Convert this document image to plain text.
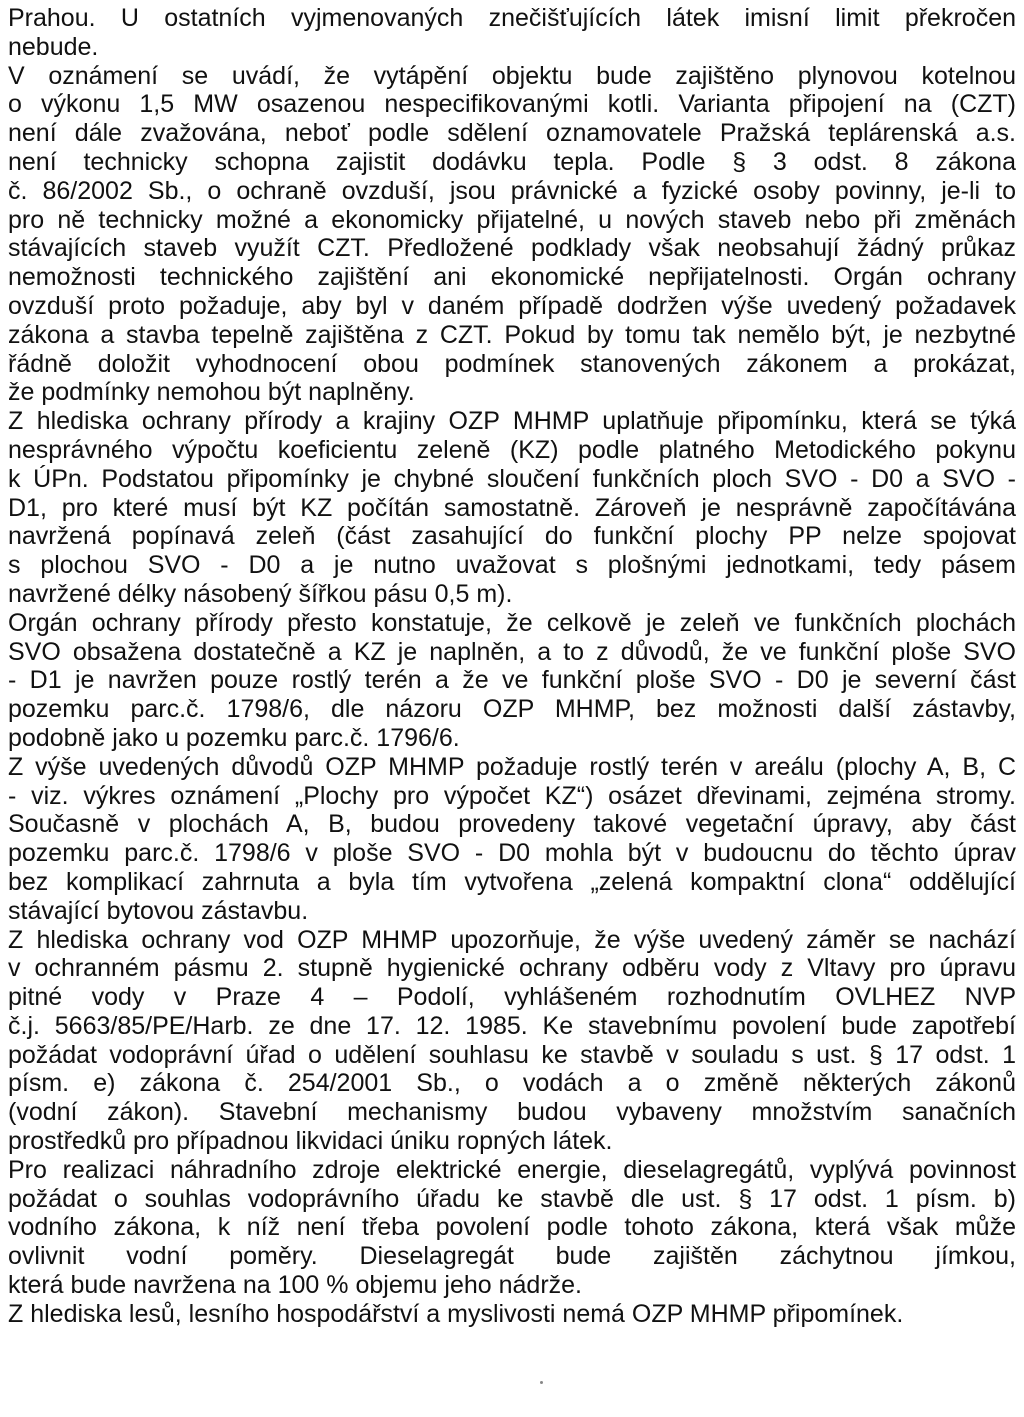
Prahou. U ostatních vyjmenovaných znečišťujících látek imisní limit překročen
nebude.
V oznámení se uvádí, že vytápění objektu bude zajištěno plynovou kotelnou
o výkonu 1,5 MW osazenou nespecifikovanými kotli. Varianta připojení na (CZT)
není dále zvažována, neboť podle sdělení oznamovatele Pražská teplárenská a.s.
není technicky schopna zajistit dodávku tepla. Podle § 3 odst. 8 zákona
č. 86/2002 Sb., o ochraně ovzduší, jsou právnické a fyzické osoby povinny, je-li to
pro ně technicky možné a ekonomicky přijatelné, u nových staveb nebo při změnách
stávajících staveb využít CZT. Předložené podklady však neobsahují žádný průkaz
nemožnosti technického zajištění ani ekonomické nepřijatelnosti. Orgán ochrany
ovzduší proto požaduje, aby byl v daném případě dodržen výše uvedený požadavek
zákona a stavba tepelně zajištěna z CZT. Pokud by tomu tak nemělo být, je nezbytné
řádně doložit vyhodnocení obou podmínek stanovených zákonem a prokázat,
že podmínky nemohou být naplněny.
Z hlediska ochrany přírody a krajiny OZP MHMP uplatňuje připomínku, která se týká
nesprávného výpočtu koeficientu zeleně (KZ) podle platného Metodického pokynu
k ÚPn. Podstatou připomínky je chybné sloučení funkčních ploch SVO - D0 a SVO -
D1, pro které musí být KZ počítán samostatně. Zároveň je nesprávně započítávána
navržená popínavá zeleň (část zasahující do funkční plochy PP nelze spojovat
s plochou SVO - D0 a je nutno uvažovat s plošnými jednotkami, tedy pásem
navržené délky násobený šířkou pásu 0,5 m).
Orgán ochrany přírody přesto konstatuje, že celkově je zeleň ve funkčních plochách
SVO obsažena dostatečně a KZ je naplněn, a to z důvodů, že ve funkční ploše SVO
- D1 je navržen pouze rostlý terén a že ve funkční ploše SVO - D0 je severní část
pozemku parc.č. 1798/6, dle názoru OZP MHMP, bez možnosti další zástavby,
podobně jako u pozemku parc.č. 1796/6.
Z výše uvedených důvodů OZP MHMP požaduje rostlý terén v areálu (plochy A, B, C
- viz. výkres oznámení „Plochy pro výpočet KZ“) osázet dřevinami, zejména stromy.
Současně v plochách A, B, budou provedeny takové vegetační úpravy, aby část
pozemku parc.č. 1798/6 v ploše SVO - D0 mohla být v budoucnu do těchto úprav
bez komplikací zahrnuta a byla tím vytvořena „zelená kompaktní clona“ oddělující
stávající bytovou zástavbu.
Z hlediska ochrany vod OZP MHMP upozorňuje, že výše uvedený záměr se nachází
v ochranném pásmu 2. stupně hygienické ochrany odběru vody z Vltavy pro úpravu
pitné vody v Praze 4 – Podolí, vyhlášeném rozhodnutím OVLHEZ NVP
č.j. 5663/85/PE/Harb. ze dne 17. 12. 1985. Ke stavebnímu povolení bude zapotřebí
požádat vodoprávní úřad o udělení souhlasu ke stavbě v souladu s ust. § 17 odst. 1
písm. e) zákona č. 254/2001 Sb., o vodách a o změně některých zákonů
(vodní zákon). Stavební mechanismy budou vybaveny množstvím sanačních
prostředků pro případnou likvidaci úniku ropných látek.
Pro realizaci náhradního zdroje elektrické energie, dieselagregátů, vyplývá povinnost
požádat o souhlas vodoprávního úřadu ke stavbě dle ust. § 17 odst. 1 písm. b)
vodního zákona, k níž není třeba povolení podle tohoto zákona, která však může
ovlivnit vodní poměry. Dieselagregát bude zajištěn záchytnou jímkou,
která bude navržena na 100 % objemu jeho nádrže.
Z hlediska lesů, lesního hospodářství a myslivosti nemá OZP MHMP připomínek.
